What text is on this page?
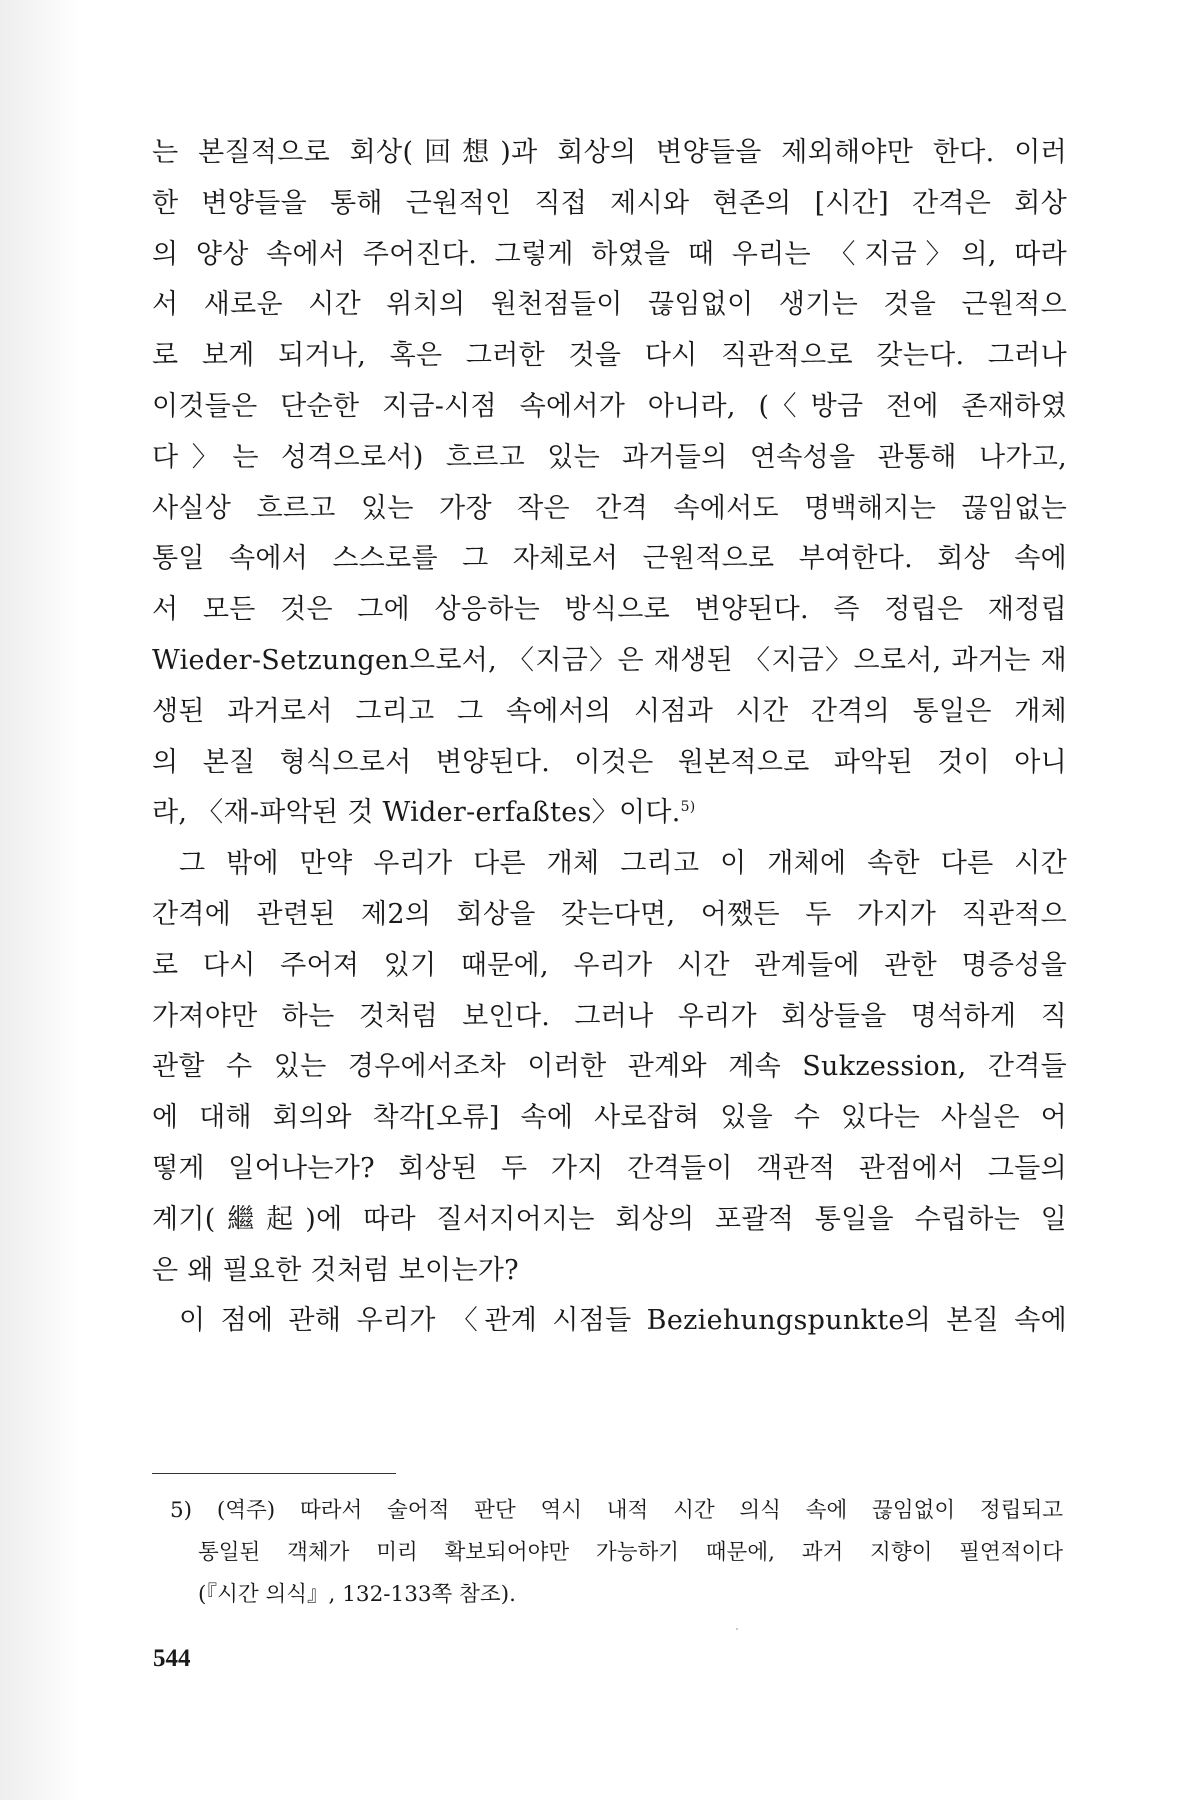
는 본질적으로 회상(回想)과 회상의 변양들을 제외해야만 한다. 이러
한 변양들을 통해 근원적인 직접 제시와 현존의 [시간] 간격은 회상
의 양상 속에서 주어진다. 그렇게 하였을 때 우리는 〈지금〉의, 따라
서 새로운 시간 위치의 원천점들이 끊임없이 생기는 것을 근원적으
로 보게 되거나, 혹은 그러한 것을 다시 직관적으로 갖는다. 그러나
이것들은 단순한 지금-시점 속에서가 아니라, (〈방금 전에 존재하였
다〉는 성격으로서) 흐르고 있는 과거들의 연속성을 관통해 나가고,
사실상 흐르고 있는 가장 작은 간격 속에서도 명백해지는 끊임없는
통일 속에서 스스로를 그 자체로서 근원적으로 부여한다. 회상 속에
서 모든 것은 그에 상응하는 방식으로 변양된다. 즉 정립은 재정립
Wieder-Setzungen으로서, 〈지금〉은 재생된 〈지금〉으로서, 과거는 재
생된 과거로서 그리고 그 속에서의 시점과 시간 간격의 통일은 개체
의 본질 형식으로서 변양된다. 이것은 원본적으로 파악된 것이 아니
라, 〈재-파악된 것 Wider-erfaßtes〉이다.$^{5)}$
그 밖에 만약 우리가 다른 개체 그리고 이 개체에 속한 다른 시간
간격에 관련된 제2의 회상을 갖는다면, 어쨌든 두 가지가 직관적으
로 다시 주어져 있기 때문에, 우리가 시간 관계들에 관한 명증성을
가져야만 하는 것처럼 보인다. 그러나 우리가 회상들을 명석하게 직
관할 수 있는 경우에서조차 이러한 관계와 계속 Sukzession, 간격들
에 대해 회의와 착각[오류] 속에 사로잡혀 있을 수 있다는 사실은 어
떻게 일어나는가? 회상된 두 가지 간격들이 객관적 관점에서 그들의
계기(繼起)에 따라 질서지어지는 회상의 포괄적 통일을 수립하는 일
은 왜 필요한 것처럼 보이는가?
이 점에 관해 우리가 〈관계 시점들 Beziehungspunkte의 본질 속에
5) (역주) 따라서 술어적 판단 역시 내적 시간 의식 속에 끊임없이 정립되고
통일된 객체가 미리 확보되어야만 가능하기 때문에, 과거 지향이 필연적이다
(『시간 의식』, 132-133쪽 참조).
544
